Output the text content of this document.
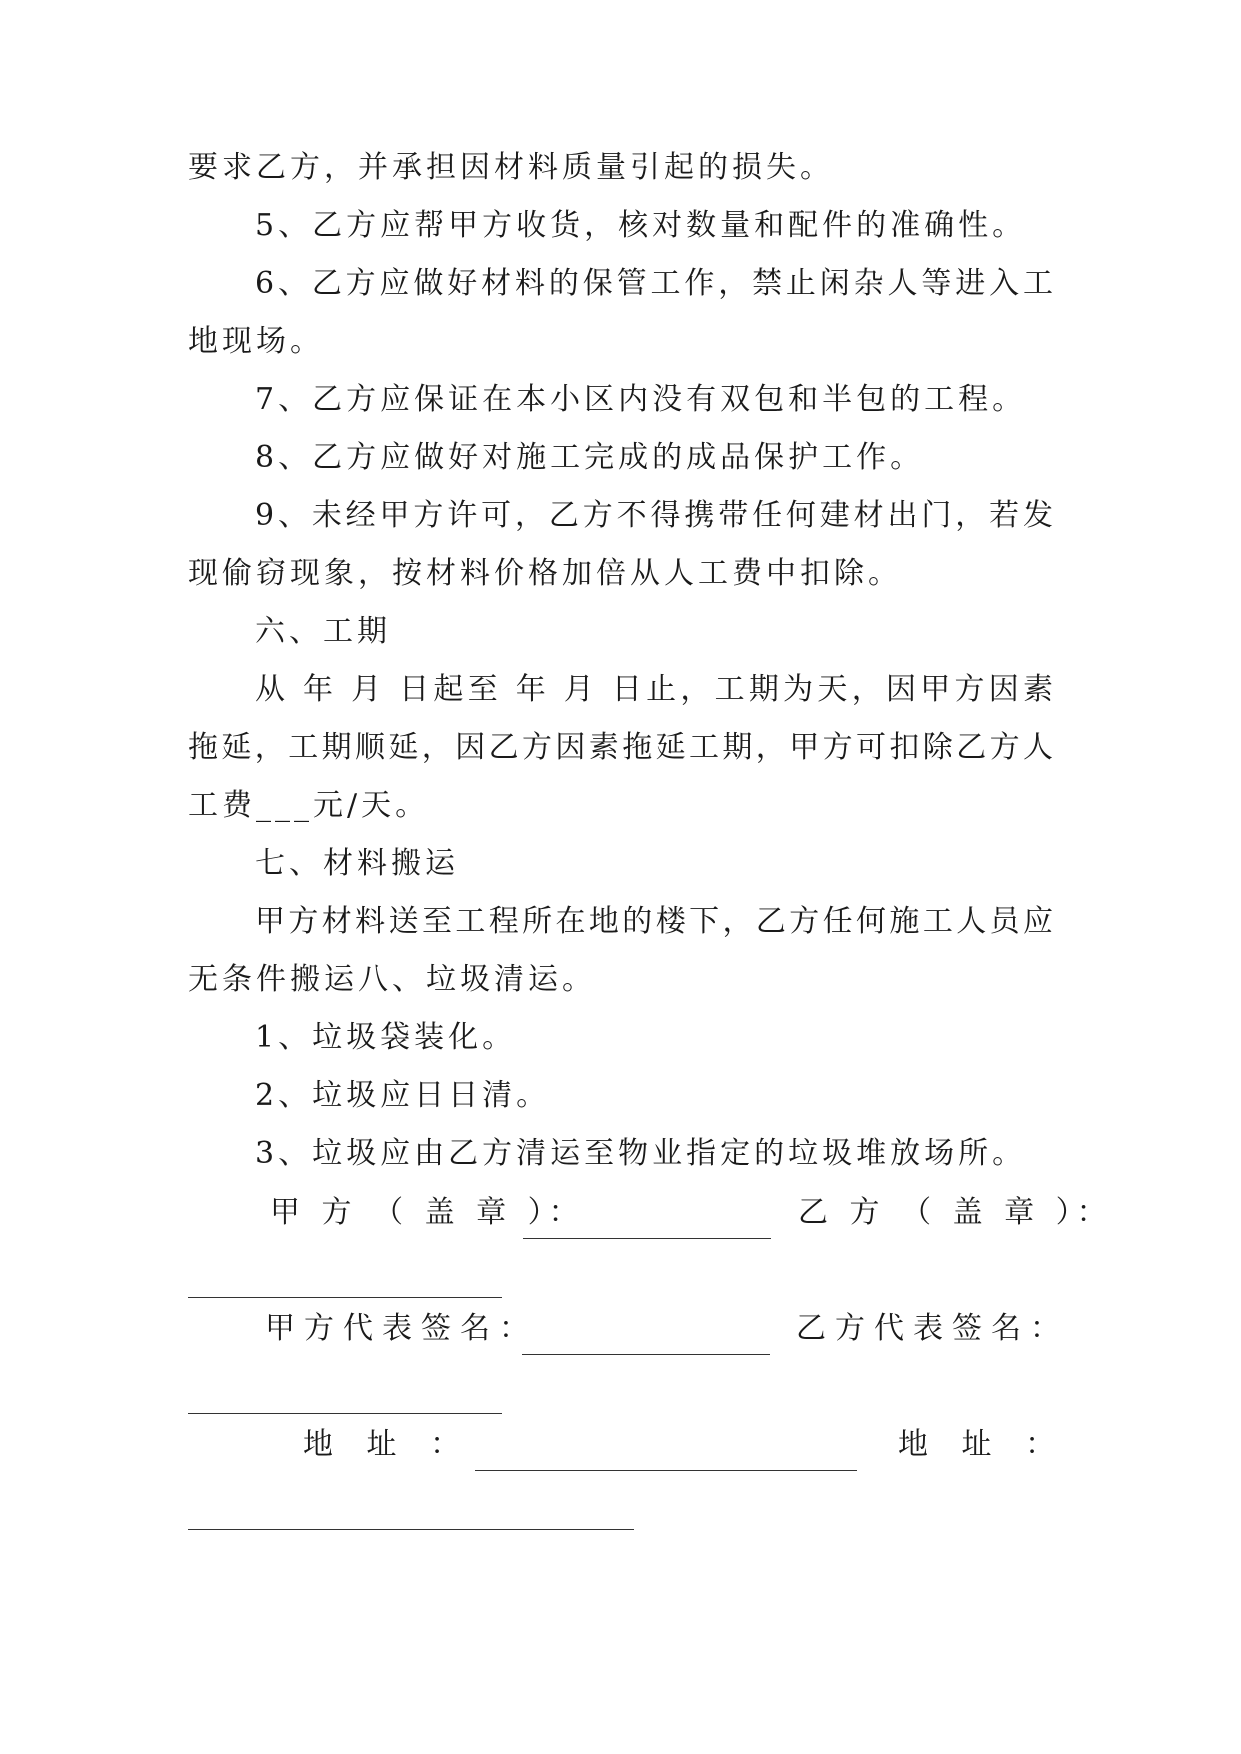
要求乙方，并承担因材料质量引起的损失。
5、乙方应帮甲方收货，核对数量和配件的准确性。
6、乙方应做好材料的保管工作，禁止闲杂人等进入工
地现场。
7、乙方应保证在本小区内没有双包和半包的工程。
8、乙方应做好对施工完成的成品保护工作。
9、未经甲方许可，乙方不得携带任何建材出门，若发
现偷窃现象，按材料价格加倍从人工费中扣除。
六、工期
从 年 月 日起至 年 月 日止，工期为天，因甲方因素
拖延，工期顺延，因乙方因素拖延工期，甲方可扣除乙方人
工费___元/天。
七、材料搬运
甲方材料送至工程所在地的楼下，乙方任何施工人员应
无条件搬运八、垃圾清运。
1、垃圾袋装化。
2、垃圾应日日清。
3、垃圾应由乙方清运至物业指定的垃圾堆放场所。
甲 方 （ 盖 章 ）：	乙 方 （ 盖 章 ）：
甲方代表签名：	乙方代表签名：
地 址 ：	地 址 ：
